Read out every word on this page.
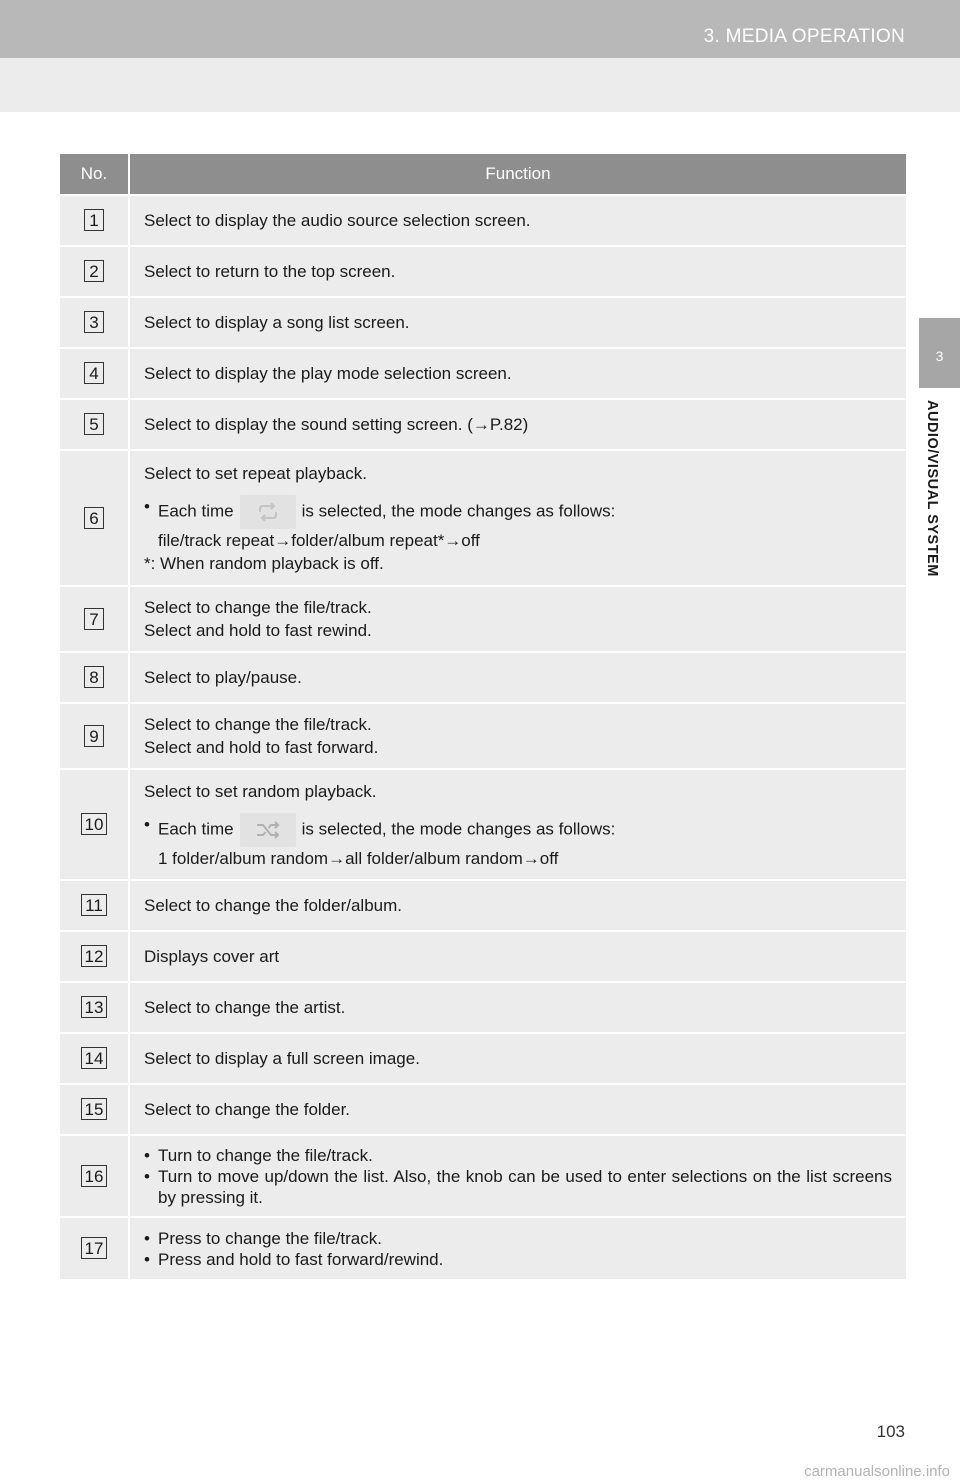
3. MEDIA OPERATION
3
AUDIO/VISUAL SYSTEM
No.	Function
1	Select to display the audio source selection screen.

2	Select to return to the top screen.

3	Select to display a song list screen.

4	Select to display the play mode selection screen.

5	Select to display the sound setting screen. (→P.82)

6	Select to set repeat playback.
• Each time is selected, the mode changes as follows:
file/track repeat→folder/album repeat*→off
*: When random playback is off.

7	Select to change the file/track.
Select and hold to fast rewind.

8	Select to play/pause.

9	Select to change the file/track.
Select and hold to fast forward.

10	Select to set random playback.
• Each time is selected, the mode changes as follows:
1 folder/album random→all folder/album random→off

11	Select to change the folder/album.

12	Displays cover art

13	Select to change the artist.

14	Select to display a full screen image.

15	Select to change the folder.

16	• Turn to change the file/track.
• Turn to move up/down the list. Also, the knob can be used to enter selections on the list screens by pressing it.

17	• Press to change the file/track.
• Press and hold to fast forward/rewind.
103
carmanualsonline.info
